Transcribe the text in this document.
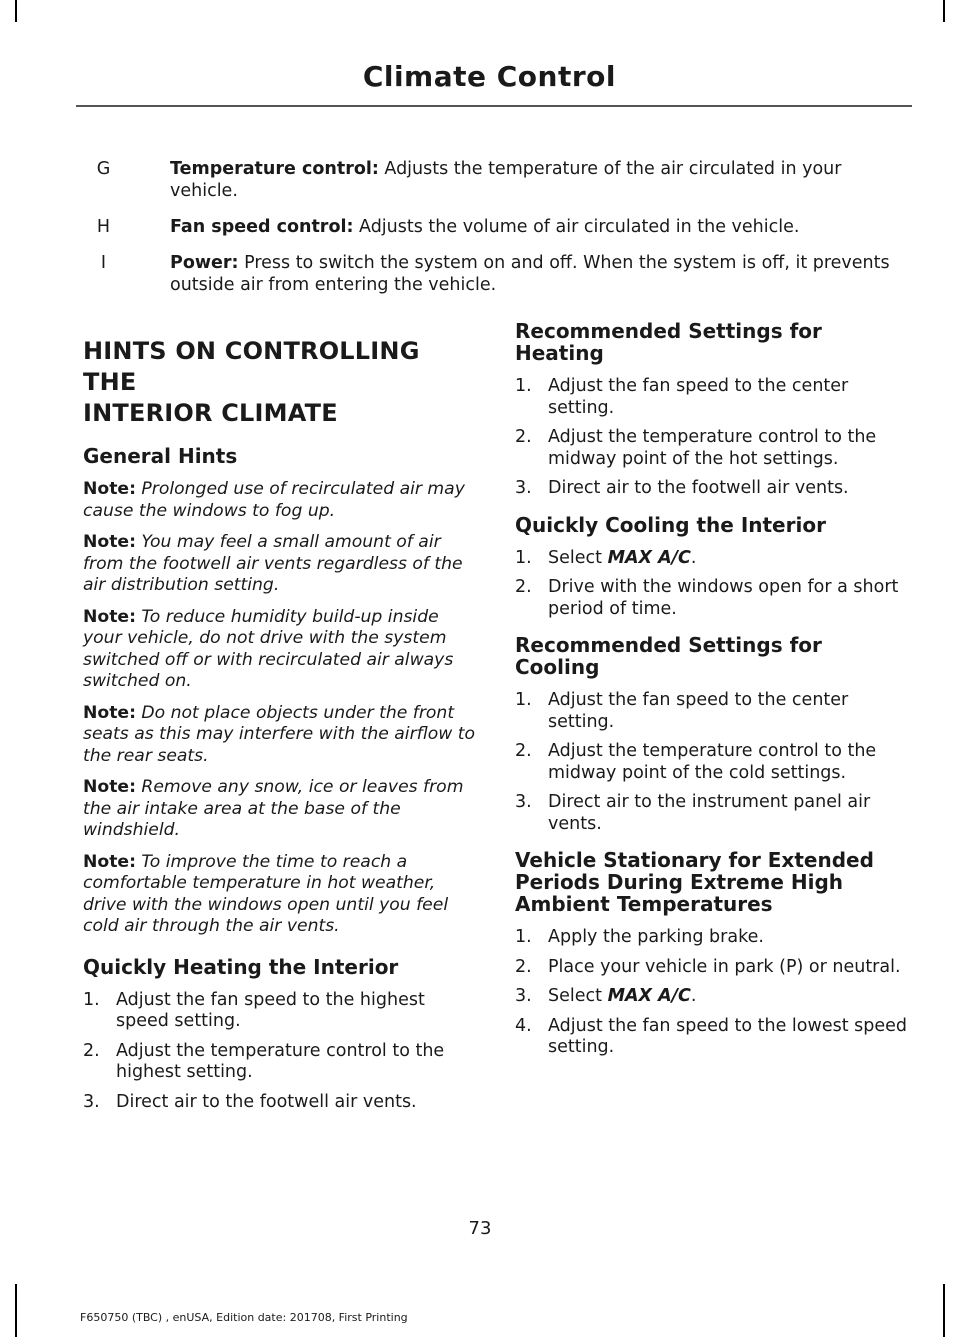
Climate Control
G	Temperature control: Adjusts the temperature of the air circulated in your vehicle.
H	Fan speed control: Adjusts the volume of air circulated in the vehicle.
I	Power: Press to switch the system on and off. When the system is off, it prevents outside air from entering the vehicle.
HINTS ON CONTROLLING THE
INTERIOR CLIMATE
General Hints

Note: Prolonged use of recirculated air may cause the windows to fog up.

Note: You may feel a small amount of air from the footwell air vents regardless of the air distribution setting.

Note: To reduce humidity build-up inside your vehicle, do not drive with the system switched off or with recirculated air always switched on.

Note: Do not place objects under the front seats as this may interfere with the airflow to the rear seats.

Note: Remove any snow, ice or leaves from the air intake area at the base of the windshield.

Note: To improve the time to reach a comfortable temperature in hot weather, drive with the windows open until you feel cold air through the air vents.

Quickly Heating the Interior
1. Adjust the fan speed to the highest speed setting.
2. Adjust the temperature control to the highest setting.
3. Direct air to the footwell air vents.
Recommended Settings for Heating
1. Adjust the fan speed to the center setting.
2. Adjust the temperature control to the midway point of the hot settings.
3. Direct air to the footwell air vents.
Quickly Cooling the Interior
1. Select MAX A/C.
2. Drive with the windows open for a short period of time.
Recommended Settings for Cooling
1. Adjust the fan speed to the center setting.
2. Adjust the temperature control to the midway point of the cold settings.
3. Direct air to the instrument panel air vents.
Vehicle Stationary for Extended Periods During Extreme High Ambient Temperatures
1. Apply the parking brake.
2. Place your vehicle in park (P) or neutral.
3. Select MAX A/C.
4. Adjust the fan speed to the lowest speed setting.
73
F650750 (TBC) , enUSA, Edition date: 201708, First Printing
